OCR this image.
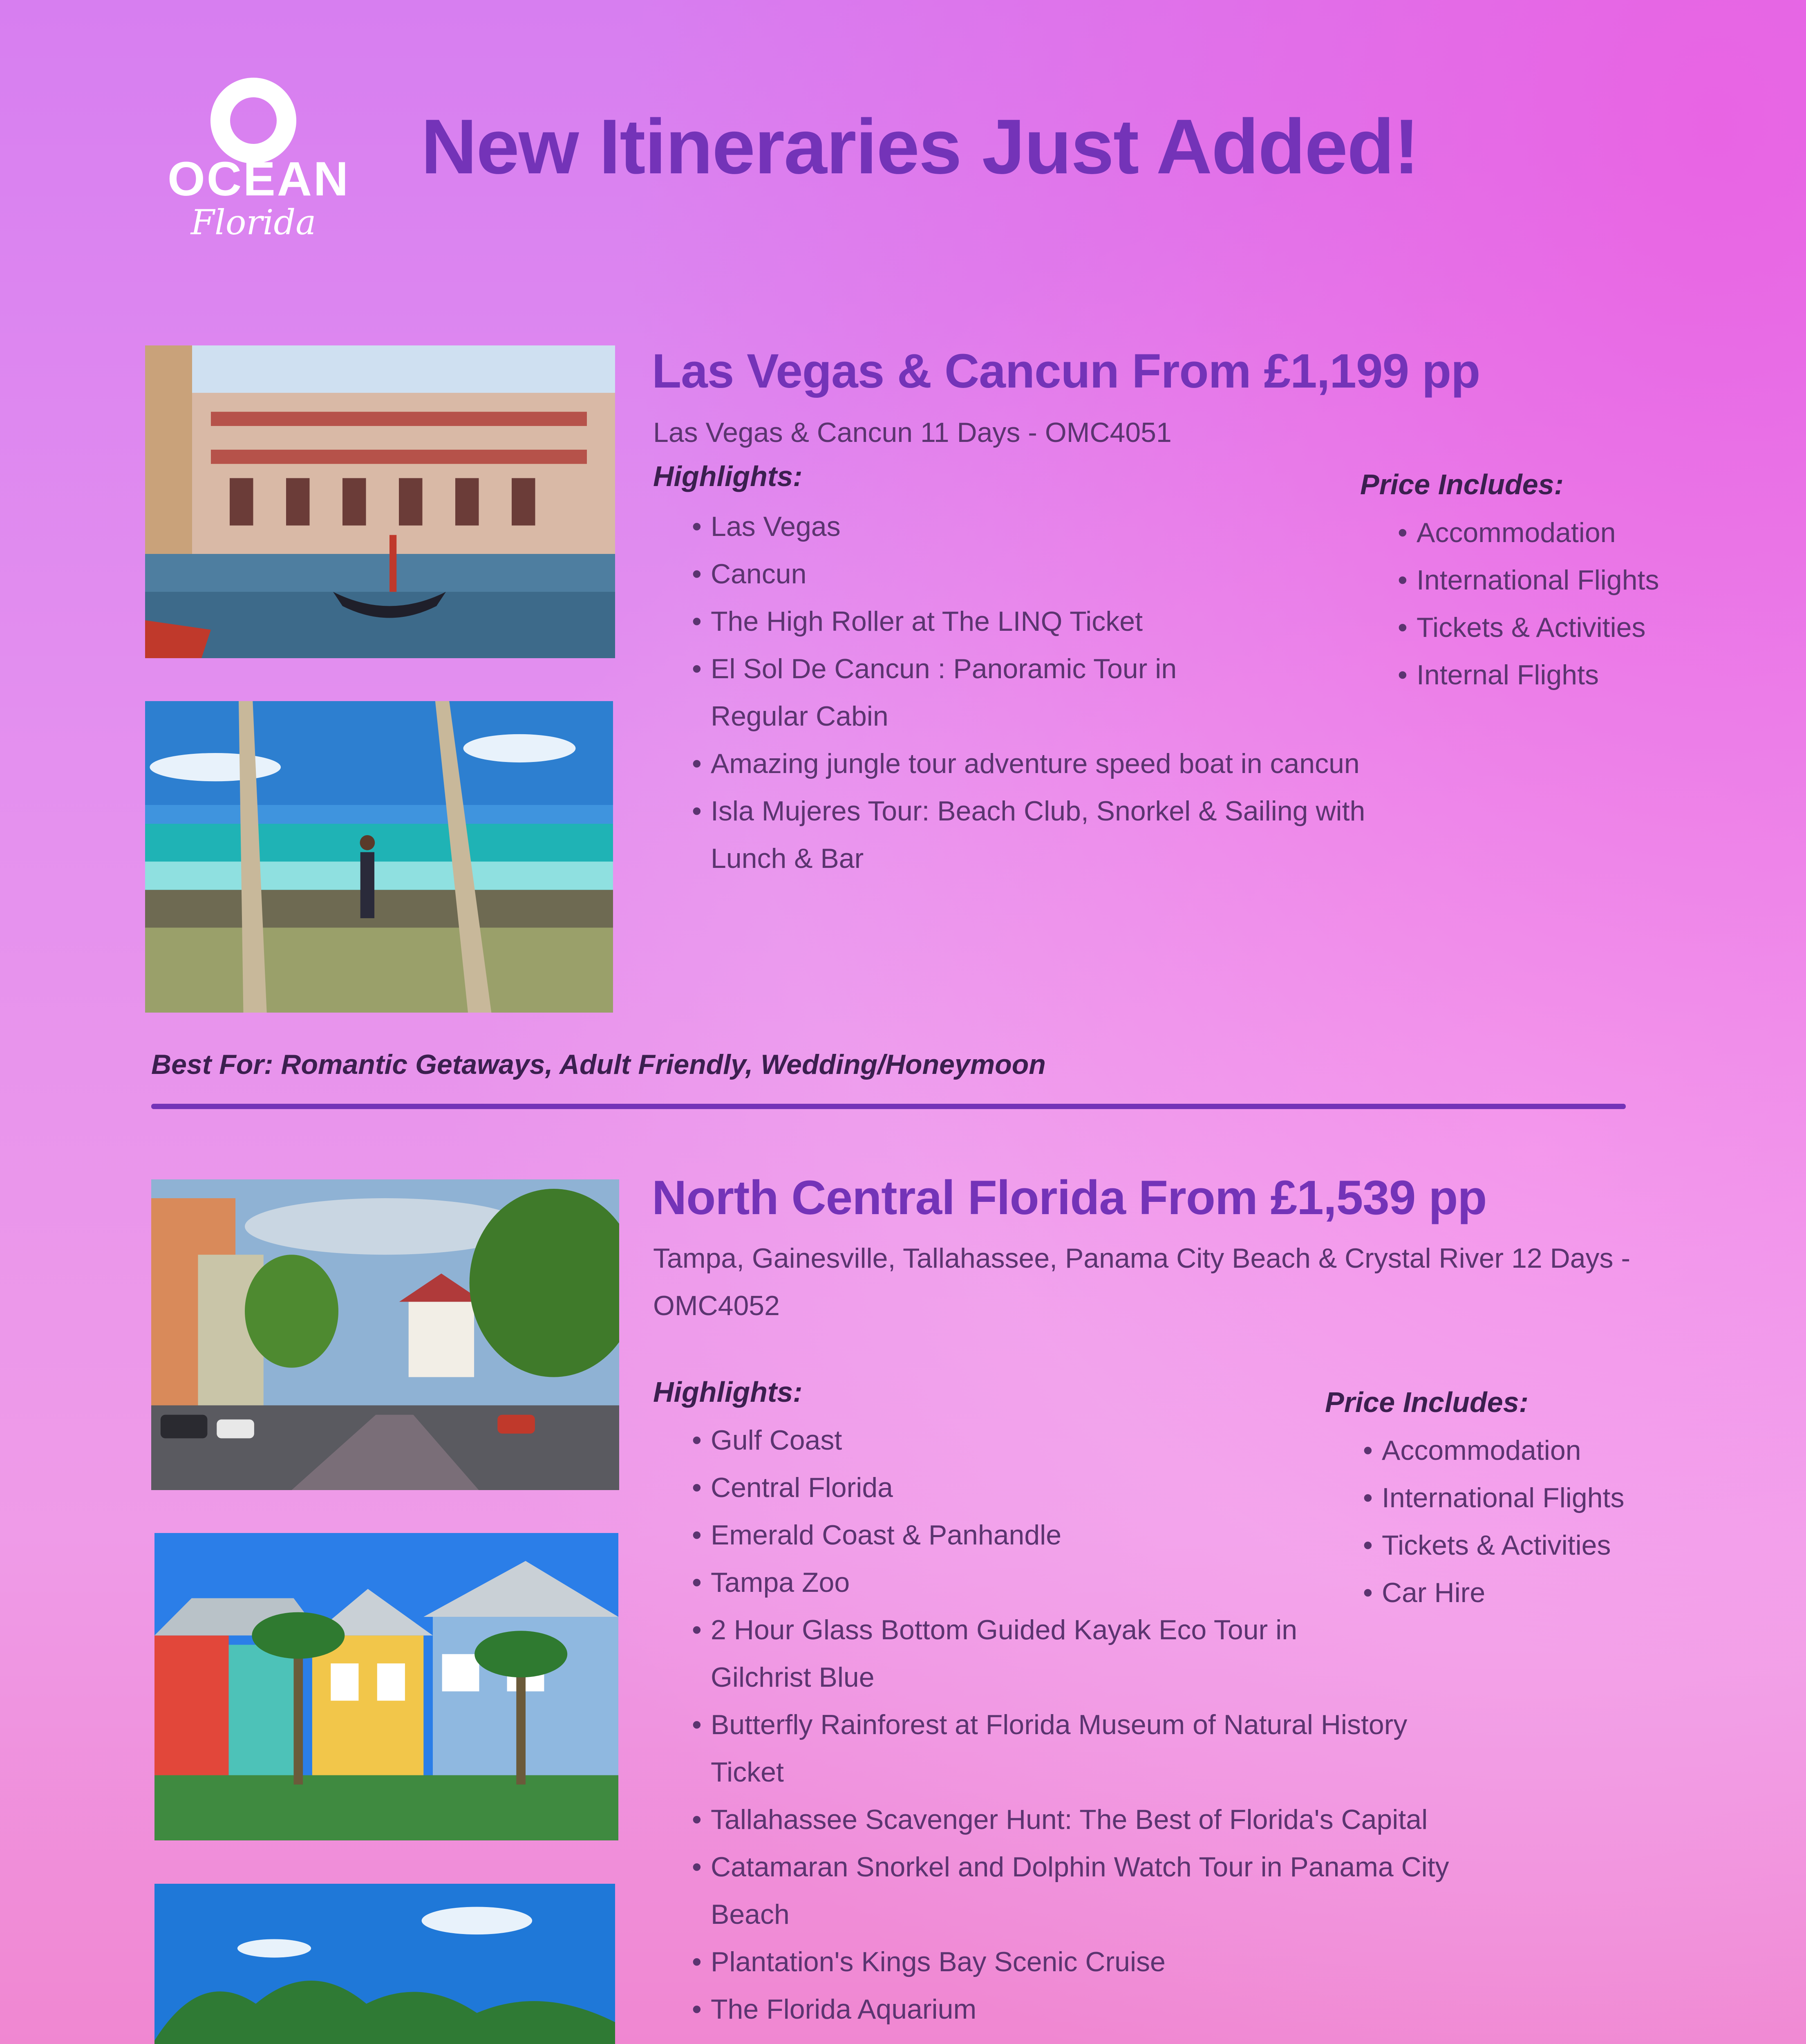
OCEAN
Florida
New Itineraries Just Added!
Las Vegas & Cancun From £1,199 pp
Las Vegas & Cancun 11 Days - OMC4051
Highlights:
• Las Vegas
• Cancun
• The High Roller at The LINQ Ticket
• El Sol De Cancun : Panoramic Tour in Regular Cabin
• Amazing jungle tour adventure speed boat in cancun
• Isla Mujeres Tour: Beach Club, Snorkel & Sailing with Lunch & Bar
Price Includes:
• Accommodation
• International Flights
• Tickets & Activities
• Internal Flights
Best For: Romantic Getaways, Adult Friendly, Wedding/Honeymoon
North Central Florida From £1,539 pp
Tampa, Gainesville, Tallahassee, Panama City Beach & Crystal River 12 Days - OMC4052
Highlights:
• Gulf Coast
• Central Florida
• Emerald Coast & Panhandle
• Tampa Zoo
• 2 Hour Glass Bottom Guided Kayak Eco Tour in Gilchrist Blue
• Butterfly Rainforest at Florida Museum of Natural History Ticket
• Tallahassee Scavenger Hunt: The Best of Florida's Capital
• Catamaran Snorkel and Dolphin Watch Tour in Panama City Beach
• Plantation's Kings Bay Scenic Cruise
• The Florida Aquarium
Price Includes:
• Accommodation
• International Flights
• Tickets & Activities
• Car Hire
